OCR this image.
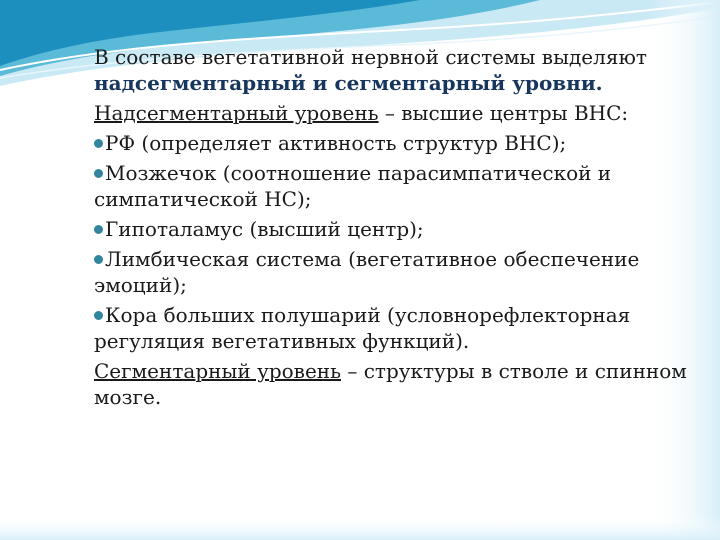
В составе вегетативной нервной системы выделяют
надсегментарный и сегментарный уровни.

Надсегментарный уровень – высшие центры ВНС:

РФ (определяет активность структур ВНС);

Мозжечок (соотношение парасимпатической и симпатической НС);

Гипоталамус (высший центр);

Лимбическая система (вегетативное обеспечение эмоций);

Кора больших полушарий (условнорефлекторная регуляция вегетативных функций).

Сегментарный уровень – структуры в стволе и спинном мозге.
